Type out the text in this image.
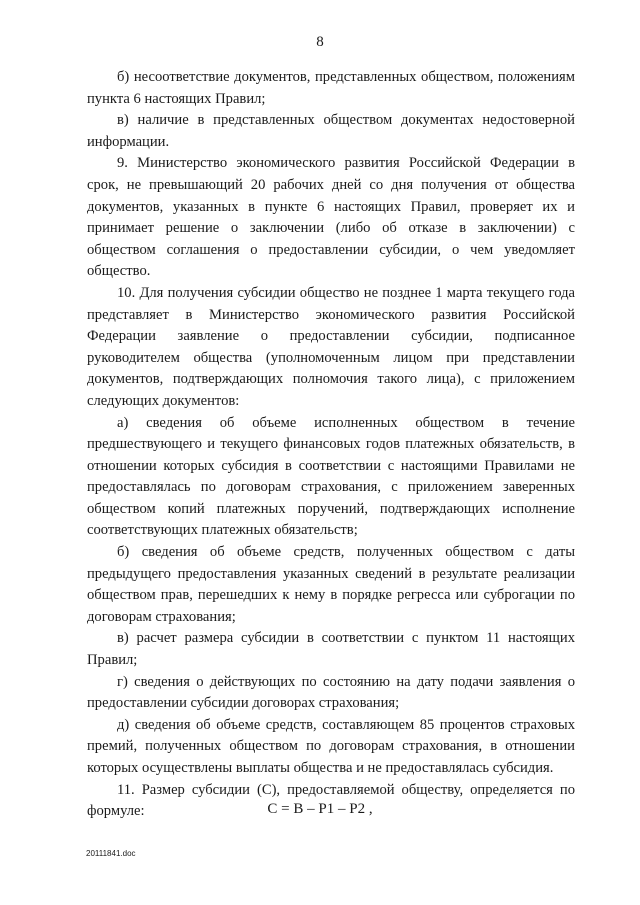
8

б) несоответствие документов, представленных обществом, положениям пункта 6 настоящих Правил;

в) наличие в представленных обществом документах недостоверной информации.

9. Министерство экономического развития Российской Федерации в срок, не превышающий 20 рабочих дней со дня получения от общества документов, указанных в пункте 6 настоящих Правил, проверяет их и принимает решение о заключении (либо об отказе в заключении) с обществом соглашения о предоставлении субсидии, о чем уведомляет общество.

10. Для получения субсидии общество не позднее 1 марта текущего года представляет в Министерство экономического развития Российской Федерации заявление о предоставлении субсидии, подписанное руководителем общества (уполномоченным лицом при представлении документов, подтверждающих полномочия такого лица), с приложением следующих документов:

а) сведения об объеме исполненных обществом в течение предшествующего и текущего финансовых годов платежных обязательств, в отношении которых субсидия в соответствии с настоящими Правилами не предоставлялась по договорам страхования, с приложением заверенных обществом копий платежных поручений, подтверждающих исполнение соответствующих платежных обязательств;

б) сведения об объеме средств, полученных обществом с даты предыдущего предоставления указанных сведений в результате реализации обществом прав, перешедших к нему в порядке регресса или суброгации по договорам страхования;

в) расчет размера субсидии в соответствии с пунктом 11 настоящих Правил;

г) сведения о действующих по состоянию на дату подачи заявления о предоставлении субсидии договорах страхования;

д) сведения об объеме средств, составляющем 85 процентов страховых премий, полученных обществом по договорам страхования, в отношении которых осуществлены выплаты общества и не предоставлялась субсидия.

11. Размер субсидии (С), предоставляемой обществу, определяется по формуле:	С = В – Р1 – Р2 ,
20111841.doc
